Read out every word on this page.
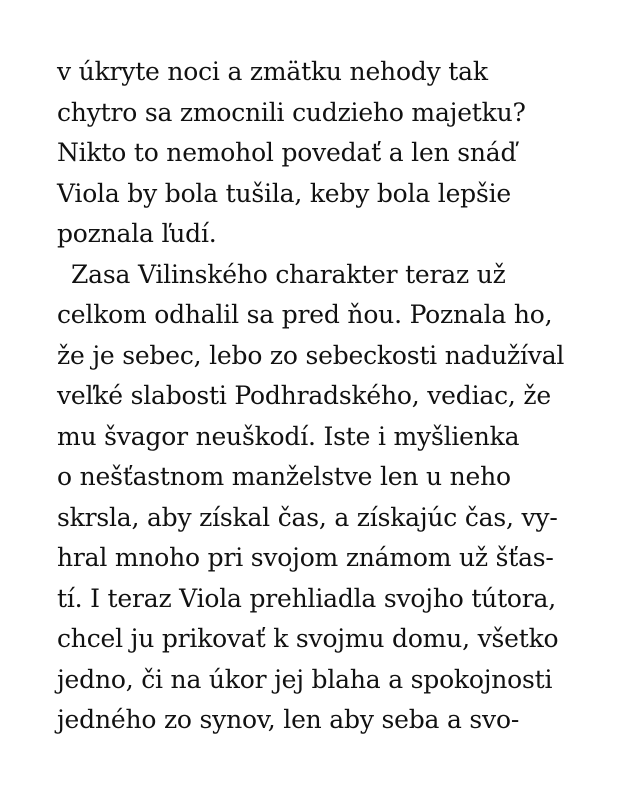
v úkryte noci a zmätku nehody tak
chytro sa zmocnili cudzieho majetku?
Nikto to nemohol povedať a len snáď
Viola by bola tušila, keby bola lepšie
poznala ľudí.
Zasa Vilinského charakter teraz už
celkom odhalil sa pred ňou. Poznala ho,
že je sebec, lebo zo sebeckosti nadužíval
veľké slabosti Podhradského, vediac, že
mu švagor neuškodí. Iste i myšlienka
o nešťastnom manželstve len u neho
skrsla, aby získal čas, a získajúc čas, vy-
hral mnoho pri svojom známom už šťas-
tí. I teraz Viola prehliadla svojho tútora,
chcel ju prikovať k svojmu domu, všetko
jedno, či na úkor jej blaha a spokojnosti
jedného zo synov, len aby seba a svo-
